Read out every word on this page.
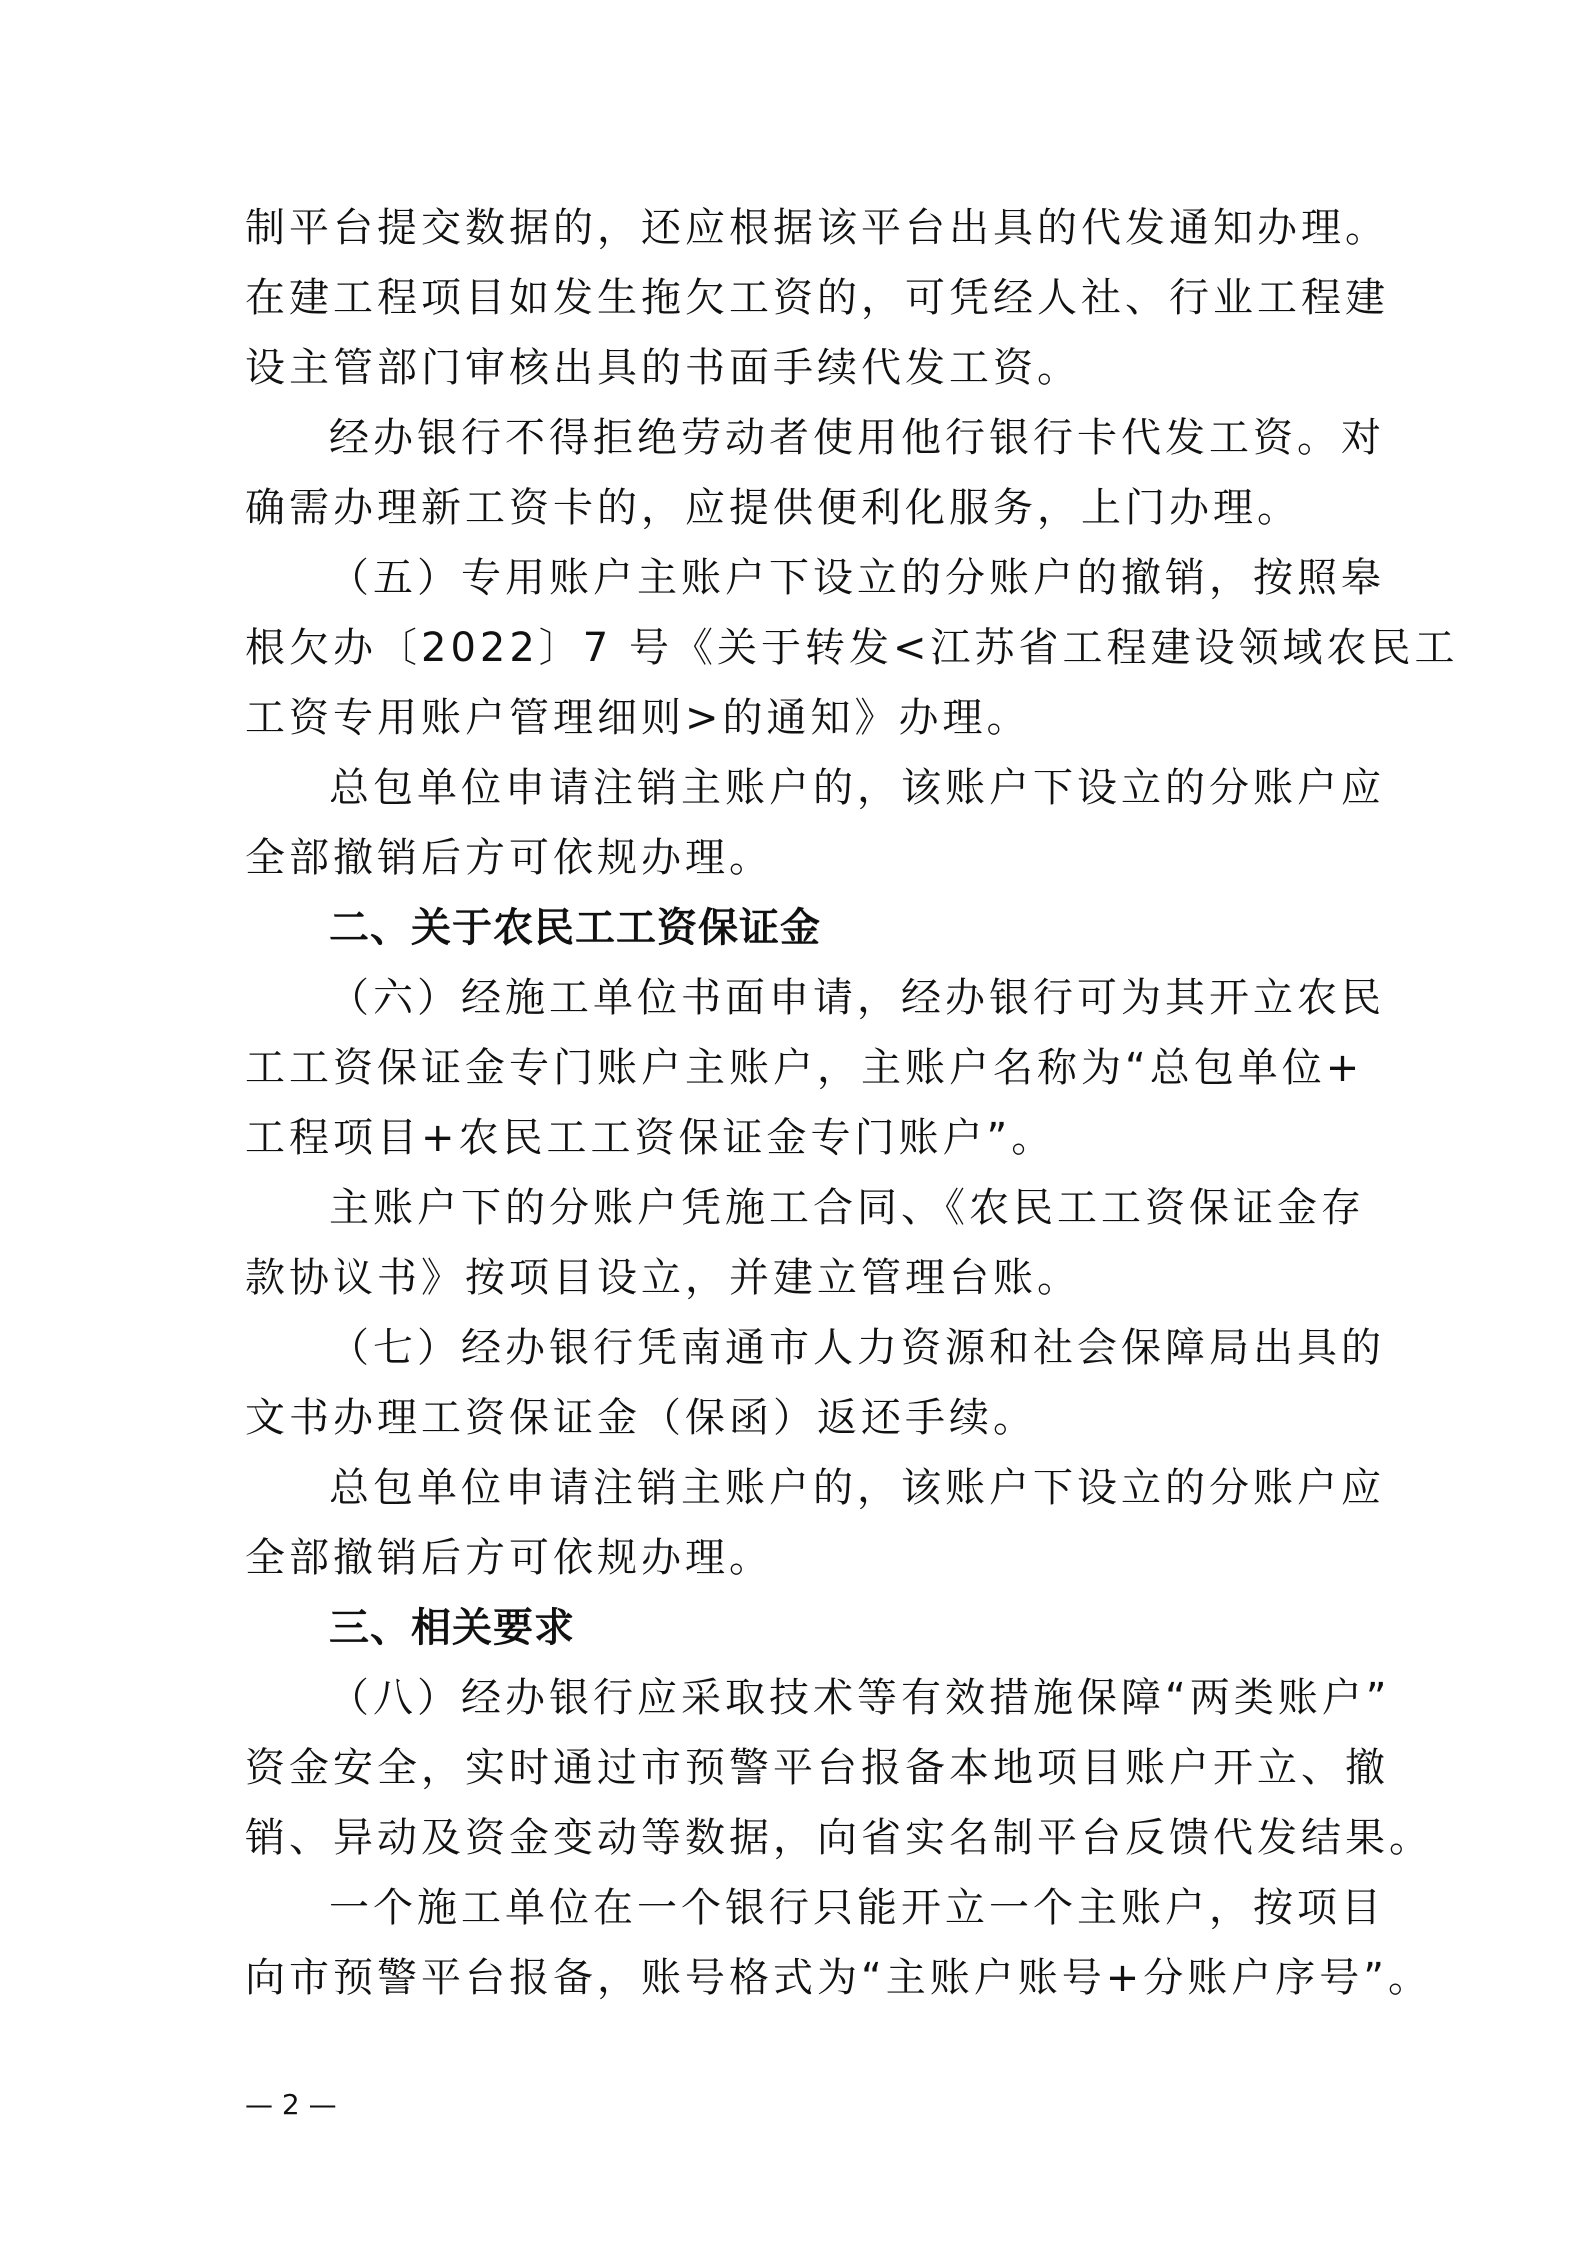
制平台提交数据的，还应根据该平台出具的代发通知办理。
在建工程项目如发生拖欠工资的，可凭经人社、行业工程建
设主管部门审核出具的书面手续代发工资。
经办银行不得拒绝劳动者使用他行银行卡代发工资。对
确需办理新工资卡的，应提供便利化服务，上门办理。
（五）专用账户主账户下设立的分账户的撤销，按照皋
根欠办〔2022〕7 号《关于转发<江苏省工程建设领域农民工
工资专用账户管理细则>的通知》办理。
总包单位申请注销主账户的，该账户下设立的分账户应
全部撤销后方可依规办理。
二、关于农民工工资保证金
（六）经施工单位书面申请，经办银行可为其开立农民
工工资保证金专门账户主账户，主账户名称为“总包单位+
工程项目+农民工工资保证金专门账户”。
主账户下的分账户凭施工合同、《农民工工资保证金存
款协议书》按项目设立，并建立管理台账。
（七）经办银行凭南通市人力资源和社会保障局出具的
文书办理工资保证金（保函）返还手续。
总包单位申请注销主账户的，该账户下设立的分账户应
全部撤销后方可依规办理。
三、相关要求
（八）经办银行应采取技术等有效措施保障“两类账户”
资金安全，实时通过市预警平台报备本地项目账户开立、撤
销、异动及资金变动等数据，向省实名制平台反馈代发结果。
一个施工单位在一个银行只能开立一个主账户，按项目
向市预警平台报备，账号格式为“主账户账号+分账户序号”。
— 2 —
